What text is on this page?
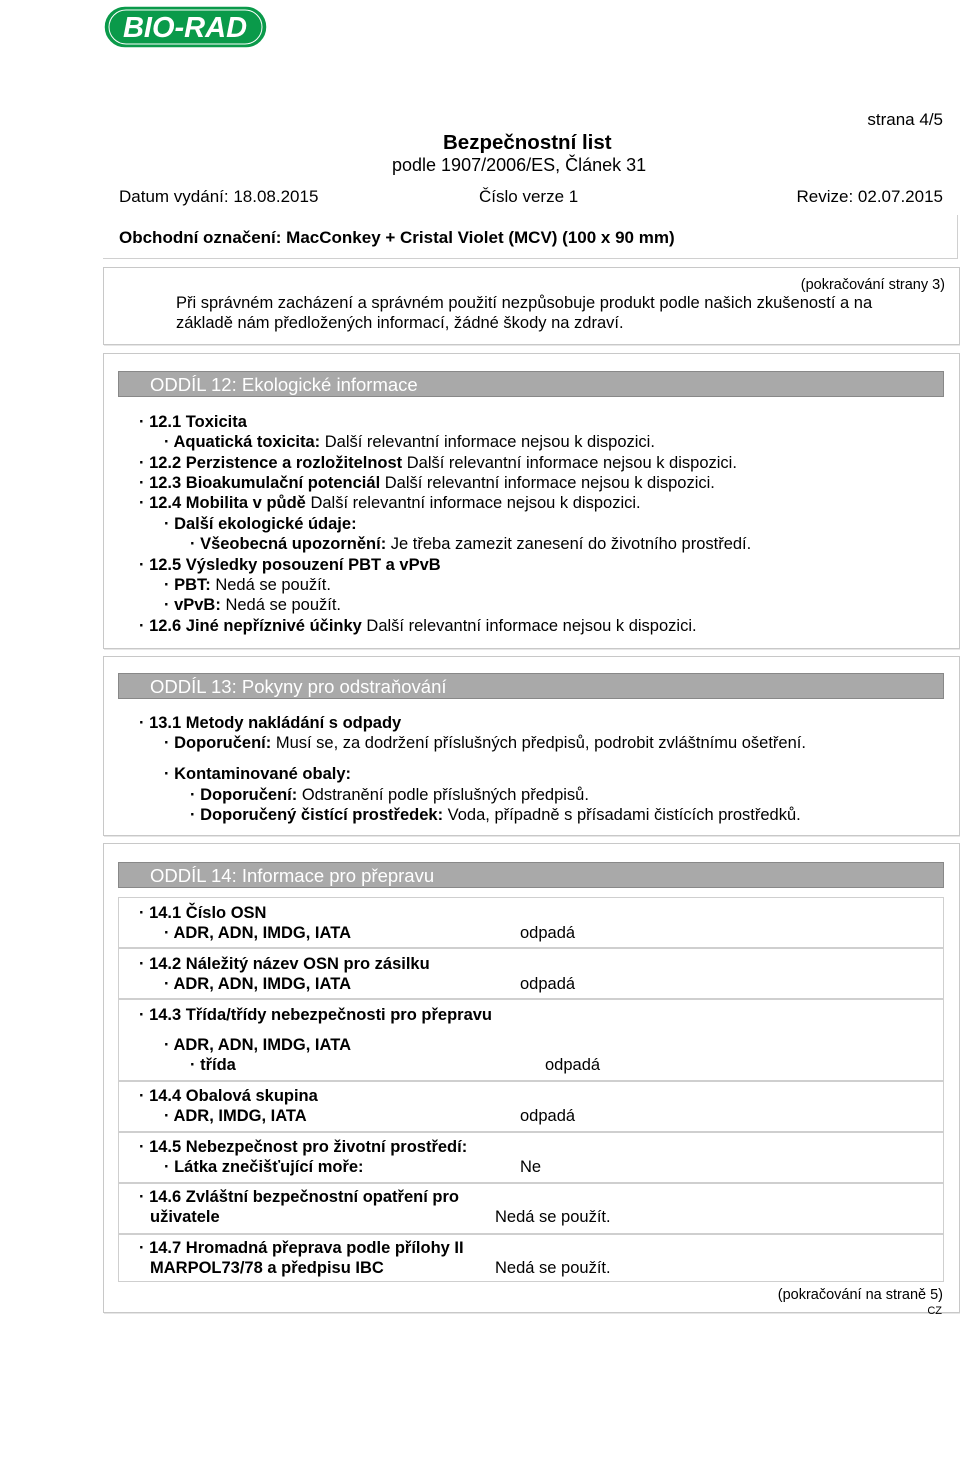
BIO-RAD
strana 4/5
Bezpečnostní list
podle 1907/2006/ES, Článek 31
Datum vydání: 18.08.2015	Číslo verze 1	Revize: 02.07.2015
Obchodní označení: MacConkey + Cristal Violet (MCV) (100 x 90 mm)
(pokračování strany 3)
Při správném zacházení a správném použití nezpůsobuje produkt podle našich zkušeností a na
základě nám předložených informací, žádné škody na zdraví.
ODDÍL 12: Ekologické informace
· 12.1 Toxicita
· Aquatická toxicita: Další relevantní informace nejsou k dispozici.
· 12.2 Perzistence a rozložitelnost Další relevantní informace nejsou k dispozici.
· 12.3 Bioakumulační potenciál Další relevantní informace nejsou k dispozici.
· 12.4 Mobilita v půdě Další relevantní informace nejsou k dispozici.
· Další ekologické údaje:
· Všeobecná upozornění: Je třeba zamezit zanesení do životního prostředí.
· 12.5 Výsledky posouzení PBT a vPvB
· PBT: Nedá se použít.
· vPvB: Nedá se použít.
· 12.6 Jiné nepříznivé účinky Další relevantní informace nejsou k dispozici.
ODDÍL 13: Pokyny pro odstraňování
· 13.1 Metody nakládání s odpady
· Doporučení: Musí se, za dodržení příslušných předpisů, podrobit zvláštnímu ošetření.
· Kontaminované obaly:
· Doporučení: Odstranění podle příslušných předpisů.
· Doporučený čistící prostředek: Voda, případně s přísadami čistících prostředků.
ODDÍL 14: Informace pro přepravu
· 14.1 Číslo OSN
· ADR, ADN, IMDG, IATA	odpadá
· 14.2 Náležitý název OSN pro zásilku
· ADR, ADN, IMDG, IATA	odpadá
· 14.3 Třída/třídy nebezpečnosti pro přepravu
· ADR, ADN, IMDG, IATA
· třída	odpadá
· 14.4 Obalová skupina
· ADR, IMDG, IATA	odpadá
· 14.5 Nebezpečnost pro životní prostředí:
· Látka znečišťující moře:	Ne
· 14.6 Zvláštní bezpečnostní opatření pro
uživatele	Nedá se použít.
· 14.7 Hromadná přeprava podle přílohy II
MARPOL73/78 a předpisu IBC	Nedá se použít.
(pokračování na straně 5)
CZ
